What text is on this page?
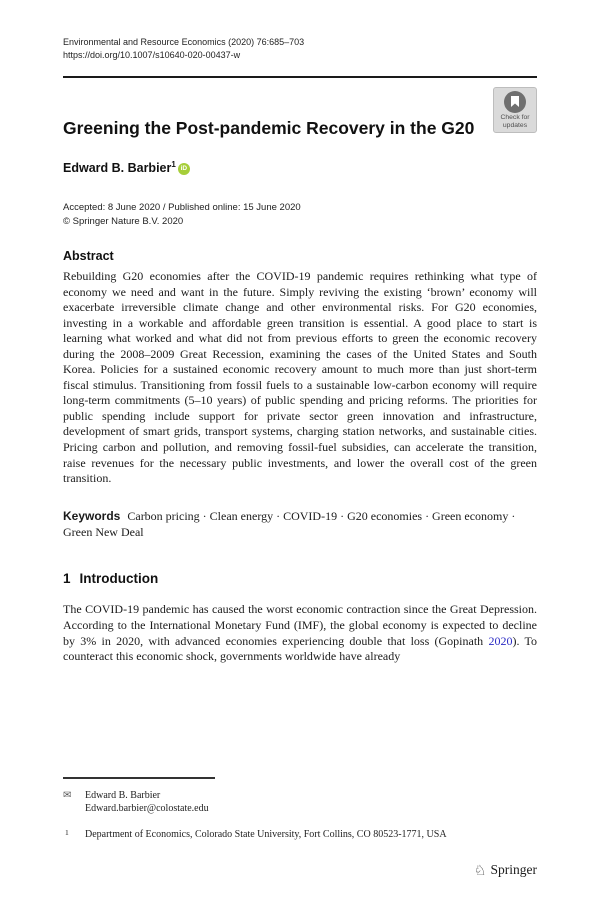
Environmental and Resource Economics (2020) 76:685–703
https://doi.org/10.1007/s10640-020-00437-w
Check for
updates
Greening the Post-pandemic Recovery in the G20
Edward B. Barbier$^1$ iD
Accepted: 8 June 2020 / Published online: 15 June 2020
© Springer Nature B.V. 2020
Abstract

Rebuilding G20 economies after the COVID-19 pandemic requires rethinking what type of economy we need and want in the future. Simply reviving the existing ‘brown’ economy will exacerbate irreversible climate change and other environmental risks. For G20 economies, investing in a workable and affordable green transition is essential. A good place to start is learning what worked and what did not from previous efforts to green the economic recovery during the 2008–2009 Great Recession, examining the cases of the United States and South Korea. Policies for a sustained economic recovery amount to much more than just short-term fiscal stimulus. Transitioning from fossil fuels to a sustainable low-carbon economy will require long-term commitments (5–10 years) of public spending and pricing reforms. The priorities for public spending include support for private sector green innovation and infrastructure, development of smart grids, transport systems, charging station networks, and sustainable cities. Pricing carbon and pollution, and removing fossil-fuel subsidies, can accelerate the transition, raise revenues for the necessary public investments, and lower the overall cost of the green transition.

Keywords Carbon pricing · Clean energy · COVID-19 · G20 economies · Green economy · Green New Deal

1 Introduction

The COVID-19 pandemic has caused the worst economic contraction since the Great Depression. According to the International Monetary Fund (IMF), the global economy is expected to decline by 3% in 2020, with advanced economies experiencing double that loss (Gopinath 2020). To counteract this economic shock, governments worldwide have already

✉ Edward B. Barbier
Edward.barbier@colostate.edu
1 Department of Economics, Colorado State University, Fort Collins, CO 80523-1771, USA
♘ Springer
